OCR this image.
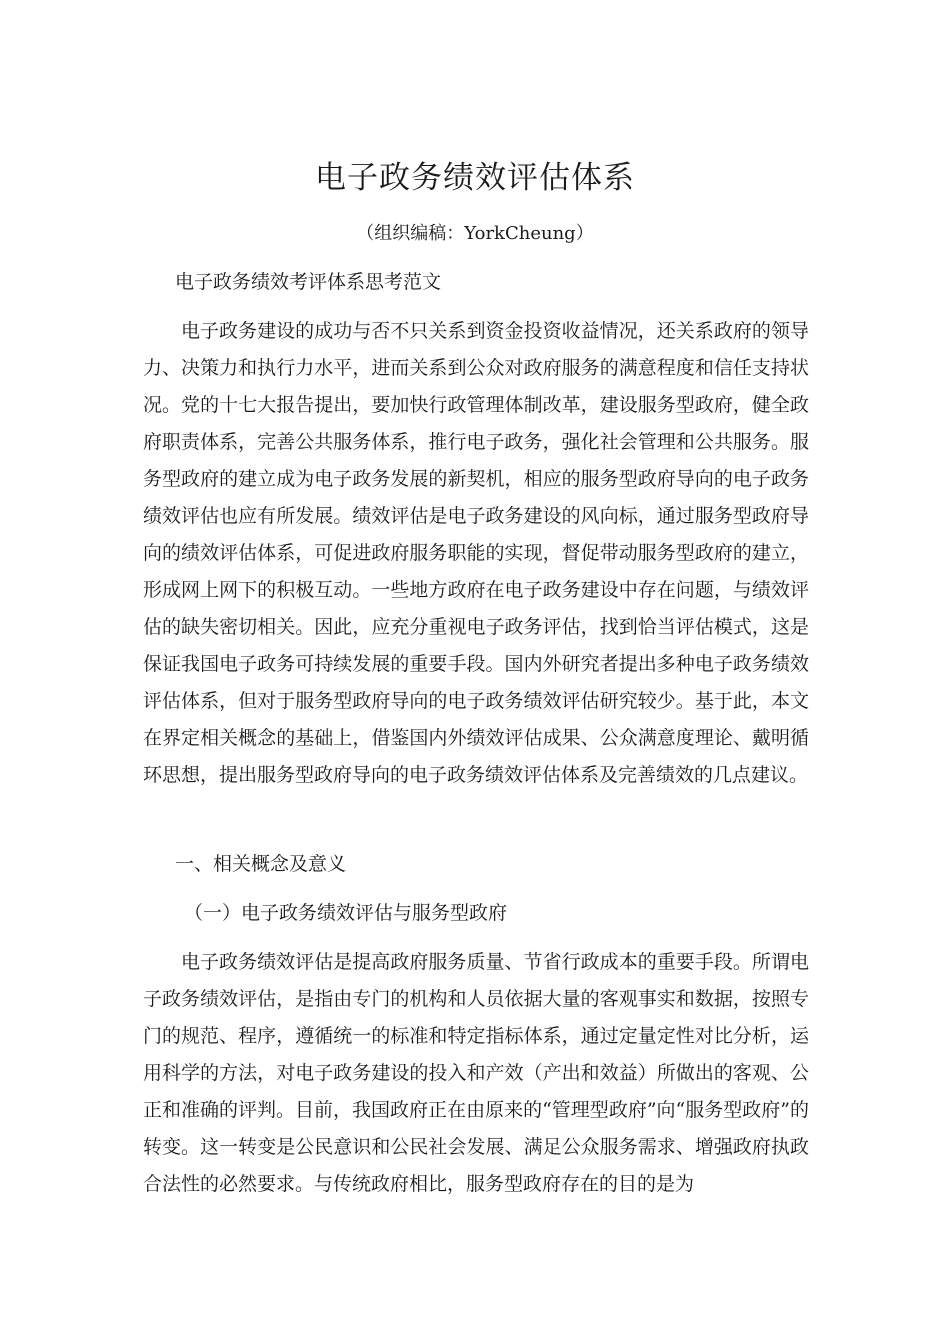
电子政务绩效评估体系

（组织编稿：YorkCheung）

电子政务绩效考评体系思考范文

电子政务建设的成功与否不只关系到资金投资收益情况，还关系政府的领导力、决策力和执行力水平，进而关系到公众对政府服务的满意程度和信任支持状况。党的十七大报告提出，要加快行政管理体制改革，建设服务型政府，健全政府职责体系，完善公共服务体系，推行电子政务，强化社会管理和公共服务。服务型政府的建立成为电子政务发展的新契机，相应的服务型政府导向的电子政务绩效评估也应有所发展。绩效评估是电子政务建设的风向标，通过服务型政府导向的绩效评估体系，可促进政府服务职能的实现，督促带动服务型政府的建立，形成网上网下的积极互动。一些地方政府在电子政务建设中存在问题，与绩效评估的缺失密切相关。因此，应充分重视电子政务评估，找到恰当评估模式，这是保证我国电子政务可持续发展的重要手段。国内外研究者提出多种电子政务绩效评估体系，但对于服务型政府导向的电子政务绩效评估研究较少。基于此，本文在界定相关概念的基础上，借鉴国内外绩效评估成果、公众满意度理论、戴明循环思想，提出服务型政府导向的电子政务绩效评估体系及完善绩效的几点建议。

一、相关概念及意义

（一）电子政务绩效评估与服务型政府

电子政务绩效评估是提高政府服务质量、节省行政成本的重要手段。所谓电子政务绩效评估，是指由专门的机构和人员依据大量的客观事实和数据，按照专门的规范、程序，遵循统一的标准和特定指标体系，通过定量定性对比分析，运用科学的方法，对电子政务建设的投入和产效（产出和效益）所做出的客观、公正和准确的评判。目前，我国政府正在由原来的“管理型政府”向“服务型政府”的转变。这一转变是公民意识和公民社会发展、满足公众服务需求、增强政府执政合法性的必然要求。与传统政府相比，服务型政府存在的目的是为
